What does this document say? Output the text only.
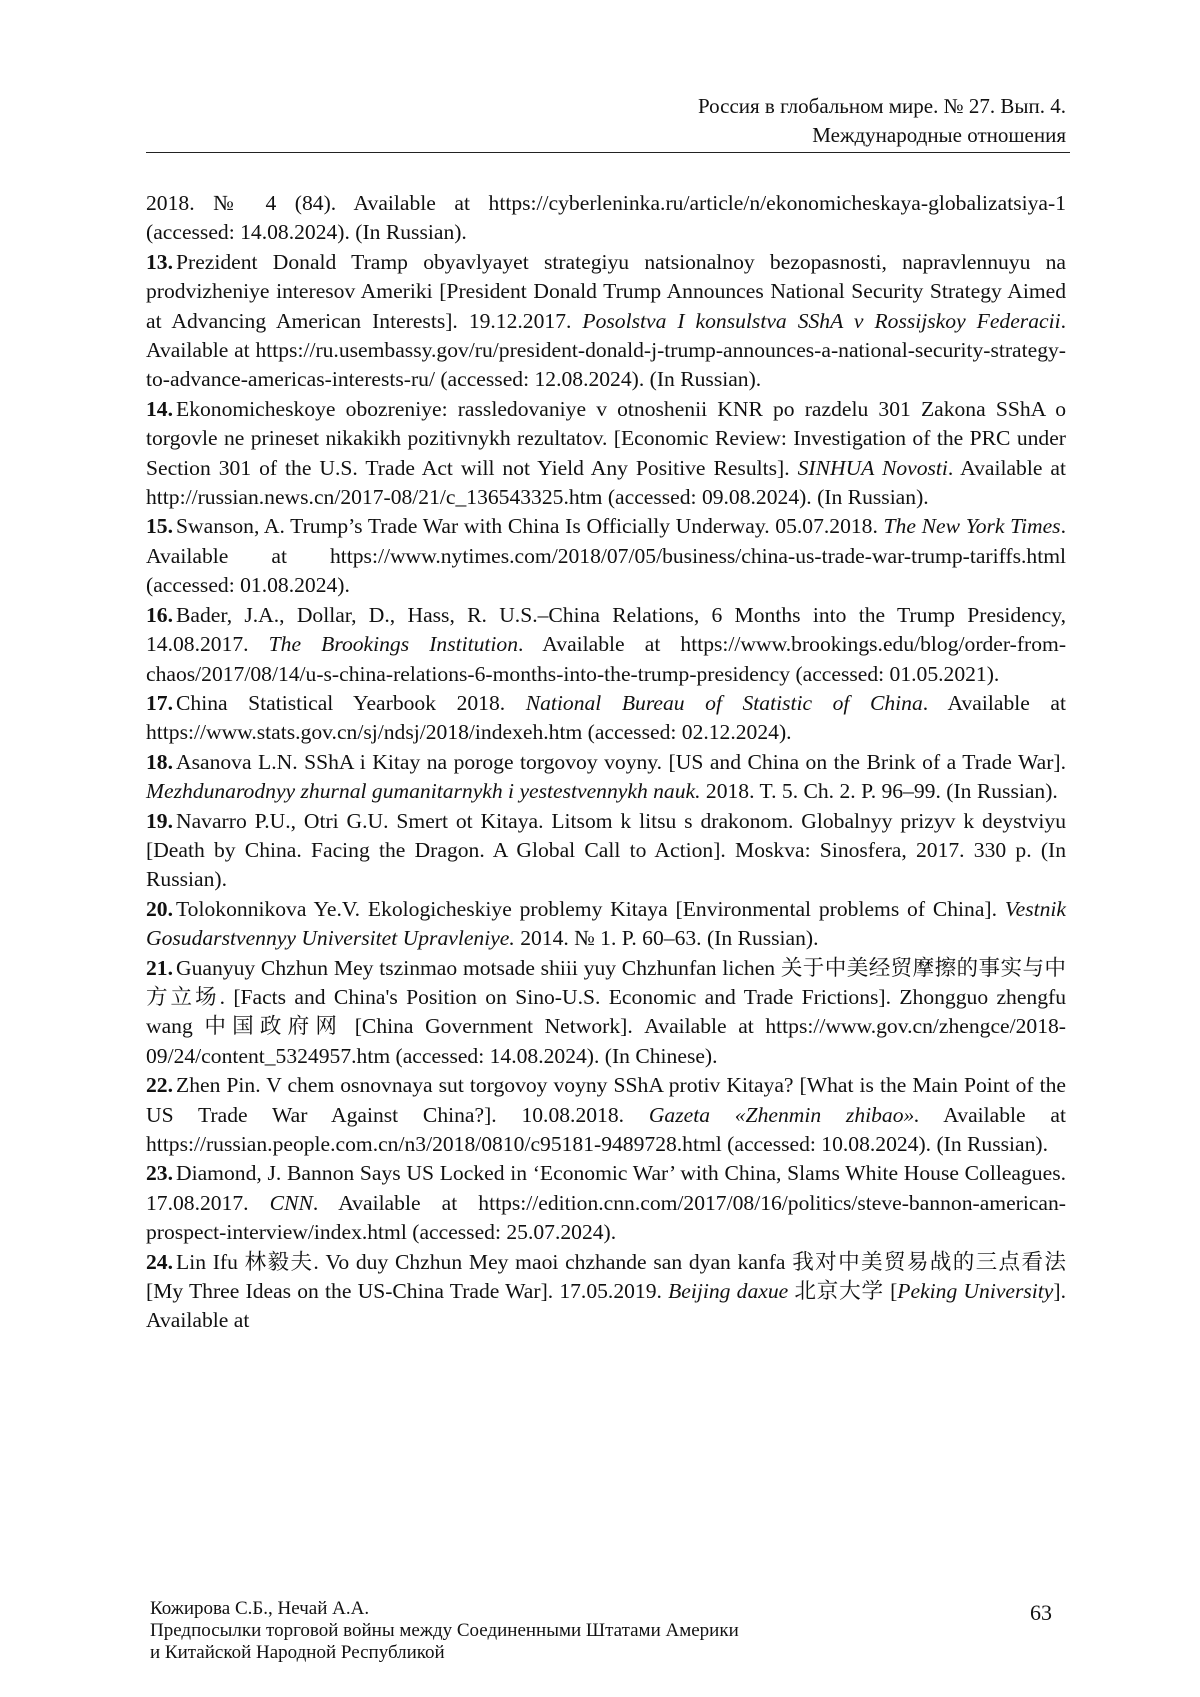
Россия в глобальном мире. № 27. Вып. 4.
Международные отношения

2018. № 4 (84). Available at https://cyberleninka.ru/article/n/ekonomicheskaya-globalizatsiya-1 (accessed: 14.08.2024). (In Russian).

13. Prezident Donald Tramp obyavlyayet strategiyu natsionalnoy bezopasnosti, napravlennuyu na prodvizheniye interesov Ameriki [President Donald Trump Announces National Security Strategy Aimed at Advancing American Interests]. 19.12.2017. Posolstva I konsulstva SShA v Rossijskoy Federacii. Available at https://ru.usembassy.gov/ru/president-donald-j-trump-announces-a-national-security-strategy-to-advance-americas-interests-ru/ (accessed: 12.08.2024). (In Russian).

14. Ekonomicheskoye obozreniye: rassledovaniye v otnoshenii KNR po razdelu 301 Zakona SShA o torgovle ne prineset nikakikh pozitivnykh rezultatov. [Economic Review: Investigation of the PRC under Section 301 of the U.S. Trade Act will not Yield Any Positive Results]. SINHUA Novosti. Available at http://russian.news.cn/2017-08/21/c_136543325.htm (accessed: 09.08.2024). (In Russian).

15. Swanson, A. Trump’s Trade War with China Is Officially Underway. 05.07.2018. The New York Times. Available at https://www.nytimes.com/2018/07/05/business/china-us-trade-war-trump-tariffs.html (accessed: 01.08.2024).

16. Bader, J.A., Dollar, D., Hass, R. U.S.–China Relations, 6 Months into the Trump Presidency, 14.08.2017. The Brookings Institution. Available at https://www.brookings.edu/blog/order-from-chaos/2017/08/14/u-s-china-relations-6-months-into-the-trump-presidency (accessed: 01.05.2021).

17. China Statistical Yearbook 2018. National Bureau of Statistic of China. Available at https://www.stats.gov.cn/sj/ndsj/2018/indexeh.htm (accessed: 02.12.2024).

18. Asanova L.N. SShA i Kitay na poroge torgovoy voyny. [US and China on the Brink of a Trade War]. Mezhdunarodnyy zhurnal gumanitarnykh i yestestvennykh nauk. 2018. T. 5. Ch. 2. P. 96–99. (In Russian).

19. Navarro P.U., Otri G.U. Smert ot Kitaya. Litsom k litsu s drakonom. Globalnyy prizyv k deystviyu [Death by China. Facing the Dragon. A Global Call to Action]. Moskva: Sinosfera, 2017. 330 p. (In Russian).

20. Tolokonnikova Ye.V. Ekologicheskiye problemy Kitaya [Environmental problems of China]. Vestnik Gosudarstvennyy Universitet Upravleniye. 2014. № 1. P. 60–63. (In Russian).

21. Guanyuy Chzhun Mey tszinmao motsade shiii yuy Chzhunfan lichen 关于中美经贸摩擦的事实与中方立场. [Facts and China's Position on Sino-U.S. Economic and Trade Frictions]. Zhongguo zhengfu wang 中国政府网 [China Government Network]. Available at https://www.gov.cn/zhengce/2018-09/24/content_5324957.htm (accessed: 14.08.2024). (In Chinese).

22. Zhen Pin. V chem osnovnaya sut torgovoy voyny SShA protiv Kitaya? [What is the Main Point of the US Trade War Against China?]. 10.08.2018. Gazeta «Zhenmin zhibao». Available at https://russian.people.com.cn/n3/2018/0810/c95181-9489728.html (accessed: 10.08.2024). (In Russian).

23. Diamond, J. Bannon Says US Locked in ‘Economic War’ with China, Slams White House Colleagues. 17.08.2017. CNN. Available at https://edition.cnn.com/2017/08/16/politics/steve-bannon-american-prospect-interview/index.html (accessed: 25.07.2024).

24. Lin Ifu 林毅夫. Vo duy Chzhun Mey maoi chzhande san dyan kanfa 我对中美贸易战的三点看法 [My Three Ideas on the US-China Trade War]. 17.05.2019. Beijing daxue 北京大学 [Peking University]. Available at

Кожирова С.Б., Нечай А.А.
Предпосылки торговой войны между Соединенными Штатами Америки
и Китайской Народной Республикой
63
